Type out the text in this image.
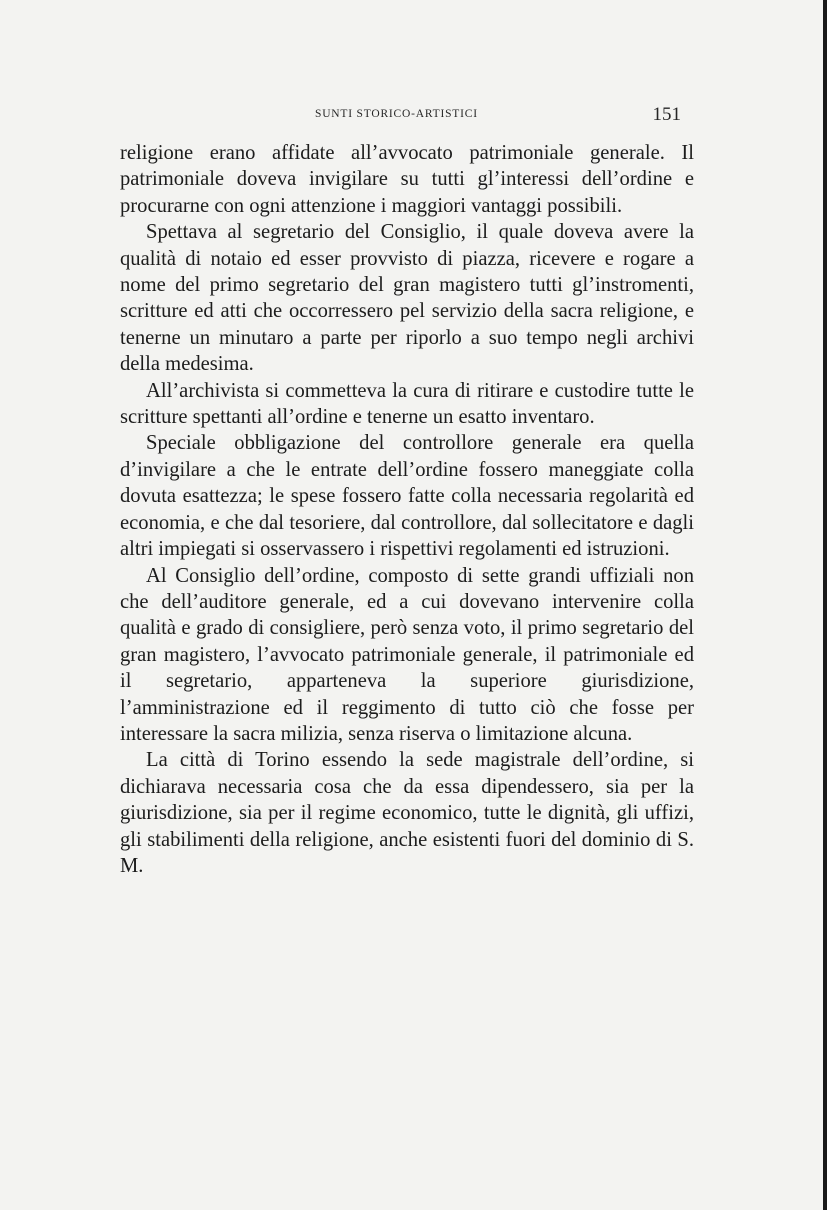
SUNTI STORICO-ARTISTICI	151

religione erano affidate all’avvocato patrimoniale generale. Il patrimoniale doveva invigilare su tutti gl’interessi dell’ordine e procurarne con ogni attenzione i maggiori vantaggi possibili.

Spettava al segretario del Consiglio, il quale doveva avere la qualità di notaio ed esser provvisto di piazza, ricevere e rogare a nome del primo segretario del gran magistero tutti gl’instromenti, scritture ed atti che occorressero pel servizio della sacra religione, e tenerne un minutaro a parte per riporlo a suo tempo negli archivi della medesima.

All’archivista si commetteva la cura di ritirare e custodire tutte le scritture spettanti all’ordine e tenerne un esatto inventaro.

Speciale obbligazione del controllore generale era quella d’invigilare a che le entrate dell’ordine fossero maneggiate colla dovuta esattezza; le spese fossero fatte colla necessaria regolarità ed economia, e che dal tesoriere, dal controllore, dal sollecitatore e dagli altri impiegati si osservassero i rispettivi regolamenti ed istruzioni.

Al Consiglio dell’ordine, composto di sette grandi uffiziali non che dell’auditore generale, ed a cui dovevano intervenire colla qualità e grado di consigliere, però senza voto, il primo segretario del gran magistero, l’avvocato patrimoniale generale, il patrimoniale ed il segretario, apparteneva la superiore giurisdizione, l’amministrazione ed il reggimento di tutto ciò che fosse per interessare la sacra milizia, senza riserva o limitazione alcuna.

La città di Torino essendo la sede magistrale dell’ordine, si dichiarava necessaria cosa che da essa dipendessero, sia per la giurisdizione, sia per il regime economico, tutte le dignità, gli uffizi, gli stabilimenti della religione, anche esistenti fuori del dominio di S. M.
